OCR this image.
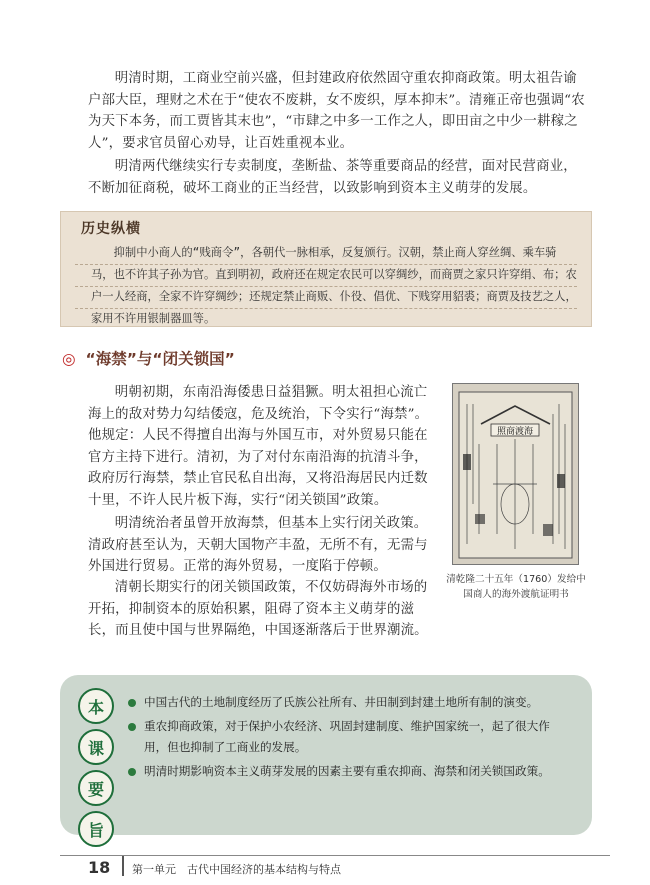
明清时期，工商业空前兴盛，但封建政府依然固守重农抑商政策。明太祖告谕户部大臣，理财之术在于“使农不废耕，女不废织，厚本抑末”。清雍正帝也强调“农为天下本务，而工贾皆其末也”，“市肆之中多一工作之人，即田亩之中少一耕稼之人”，要求官员留心劝导，让百姓重视本业。

明清两代继续实行专卖制度，垄断盐、茶等重要商品的经营，面对民营商业，不断加征商税，破坏工商业的正当经营，以致影响到资本主义萌芽的发展。

历史纵横

抑制中小商人的“贱商令”，各朝代一脉相承，反复颁行。汉朝，禁止商人穿丝绸、乘车骑马，也不许其子孙为官。直到明初，政府还在规定农民可以穿绸纱，而商贾之家只许穿绢、布；农户一人经商，全家不许穿绸纱；还规定禁止商贩、仆役、倡优、下贱穿用貂裘；商贾及技艺之人，家用不许用银制器皿等。

◎ “海禁”与“闭关锁国”

明朝初期，东南沿海倭患日益猖獗。明太祖担心流亡海上的敌对势力勾结倭寇，危及统治，下令实行“海禁”。他规定：人民不得擅自出海与外国互市，对外贸易只能在官方主持下进行。清初，为了对付东南沿海的抗清斗争，政府厉行海禁，禁止官民私自出海，又将沿海居民内迁数十里，不许人民片板下海，实行“闭关锁国”政策。

明清统治者虽曾开放海禁，但基本上实行闭关政策。清政府甚至认为，天朝大国物产丰盈，无所不有，无需与外国进行贸易。正常的海外贸易，一度陷于停顿。

清朝长期实行的闭关锁国政策，不仅妨碍海外市场的开拓，抑制资本的原始积累，阻碍了资本主义萌芽的滋长，而且使中国与世界隔绝，中国逐渐落后于世界潮流。

照商渡海
清乾隆二十五年（1760）发给中国商人的海外渡航证明书
本
课
要
旨
中国古代的土地制度经历了氏族公社所有、井田制到封建土地所有制的演变。
重农抑商政策，对于保护小农经济、巩固封建制度、维护国家统一，起了很大作用，但也抑制了工商业的发展。
明清时期影响资本主义萌芽发展的因素主要有重农抑商、海禁和闭关锁国政策。
18 第一单元　古代中国经济的基本结构与特点
